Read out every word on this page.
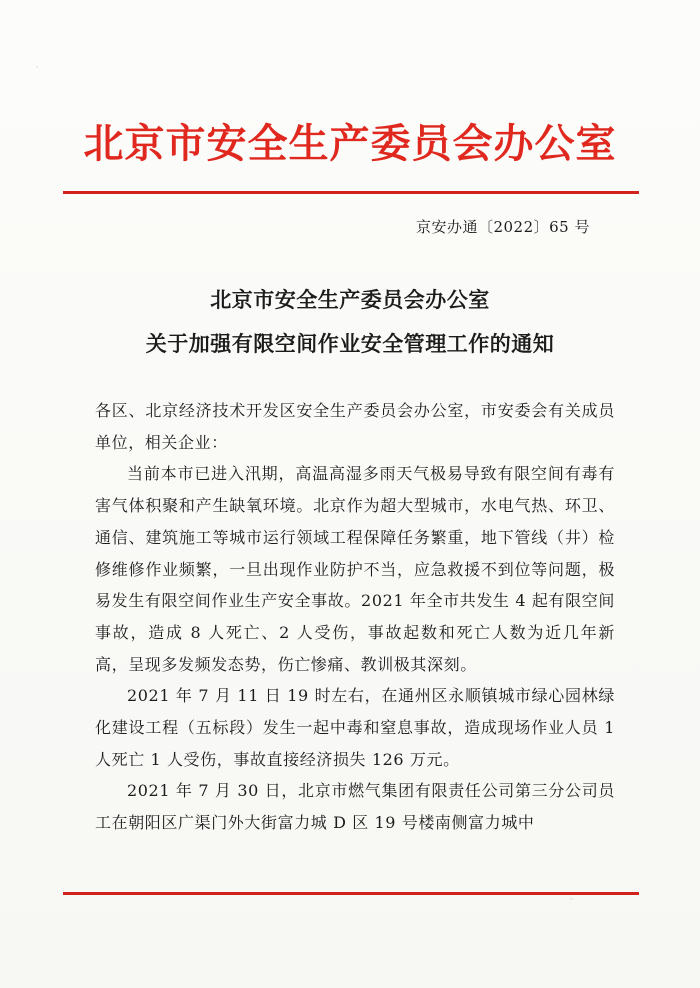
北京市安全生产委员会办公室
京安办通〔2022〕65 号
北京市安全生产委员会办公室
关于加强有限空间作业安全管理工作的通知

各区、北京经济技术开发区安全生产委员会办公室，市安委会有关成员单位，相关企业：

当前本市已进入汛期，高温高湿多雨天气极易导致有限空间有毒有害气体积聚和产生缺氧环境。北京作为超大型城市，水电气热、环卫、通信、建筑施工等城市运行领域工程保障任务繁重，地下管线（井）检修维修作业频繁，一旦出现作业防护不当，应急救援不到位等问题，极易发生有限空间作业生产安全事故。2021 年全市共发生 4 起有限空间事故，造成 8 人死亡、2 人受伤，事故起数和死亡人数为近几年新高，呈现多发频发态势，伤亡惨痛、教训极其深刻。

2021 年 7 月 11 日 19 时左右，在通州区永顺镇城市绿心园林绿化建设工程（五标段）发生一起中毒和窒息事故，造成现场作业人员 1 人死亡 1 人受伤，事故直接经济损失 126 万元。

2021 年 7 月 30 日，北京市燃气集团有限责任公司第三分公司员工在朝阳区广渠门外大街富力城 D 区 19 号楼南侧富力城中
